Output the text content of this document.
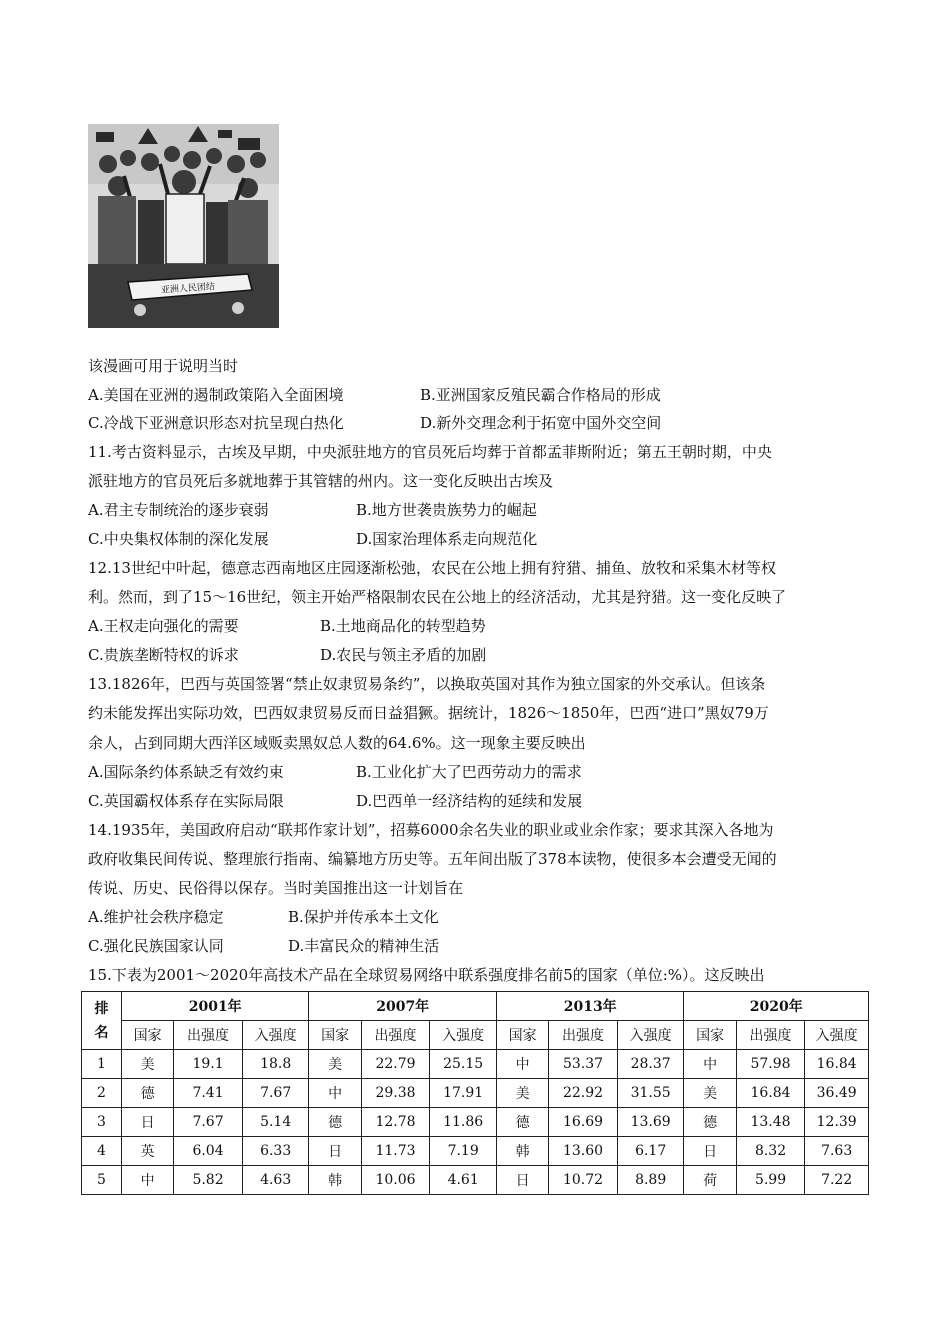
亚洲人民团结
该漫画可用于说明当时
A.美国在亚洲的遏制政策陷入全面困境	B.亚洲国家反殖民霸合作格局的形成
C.冷战下亚洲意识形态对抗呈现白热化	D.新外交理念利于拓宽中国外交空间
11.考古资料显示，古埃及早期，中央派驻地方的官员死后均葬于首都孟菲斯附近；第五王朝时期，中央
派驻地方的官员死后多就地葬于其管辖的州内。这一变化反映出古埃及
A.君主专制统治的逐步衰弱	B.地方世袭贵族势力的崛起
C.中央集权体制的深化发展	D.国家治理体系走向规范化
12.13世纪中叶起，德意志西南地区庄园逐渐松弛，农民在公地上拥有狩猎、捕鱼、放牧和采集木材等权
利。然而，到了15～16世纪，领主开始严格限制农民在公地上的经济活动，尤其是狩猎。这一变化反映了
A.王权走向强化的需要	B.土地商品化的转型趋势
C.贵族垄断特权的诉求	D.农民与领主矛盾的加剧
13.1826年，巴西与英国签署“禁止奴隶贸易条约”，以换取英国对其作为独立国家的外交承认。但该条
约未能发挥出实际功效，巴西奴隶贸易反而日益猖獗。据统计，1826～1850年，巴西“进口”黑奴79万
余人，占到同期大西洋区域贩卖黑奴总人数的64.6%。这一现象主要反映出
A.国际条约体系缺乏有效约束	B.工业化扩大了巴西劳动力的需求
C.英国霸权体系存在实际局限	D.巴西单一经济结构的延续和发展
14.1935年，美国政府启动“联邦作家计划”，招募6000余名失业的职业或业余作家；要求其深入各地为
政府收集民间传说、整理旅行指南、编纂地方历史等。五年间出版了378本读物，使很多本会遭受无闻的
传说、历史、民俗得以保存。当时美国推出这一计划旨在
A.维护社会秩序稳定	B.保护并传承本土文化
C.强化民族国家认同	D.丰富民众的精神生活
15.下表为2001～2020年高技术产品在全球贸易网络中联系强度排名前5的国家（单位:%）。这反映出
排名	2001年			2007年			2013年			2020年		
	国家	出强度	入强度	国家	出强度	入强度	国家	出强度	入强度	国家	出强度	入强度
1	美	19.1	18.8	美	22.79	25.15	中	53.37	28.37	中	57.98	16.84
2	德	7.41	7.67	中	29.38	17.91	美	22.92	31.55	美	16.84	36.49
3	日	7.67	5.14	德	12.78	11.86	德	16.69	13.69	德	13.48	12.39
4	英	6.04	6.33	日	11.73	7.19	韩	13.60	6.17	日	8.32	7.63
5	中	5.82	4.63	韩	10.06	4.61	日	10.72	8.89	荷	5.99	7.22
